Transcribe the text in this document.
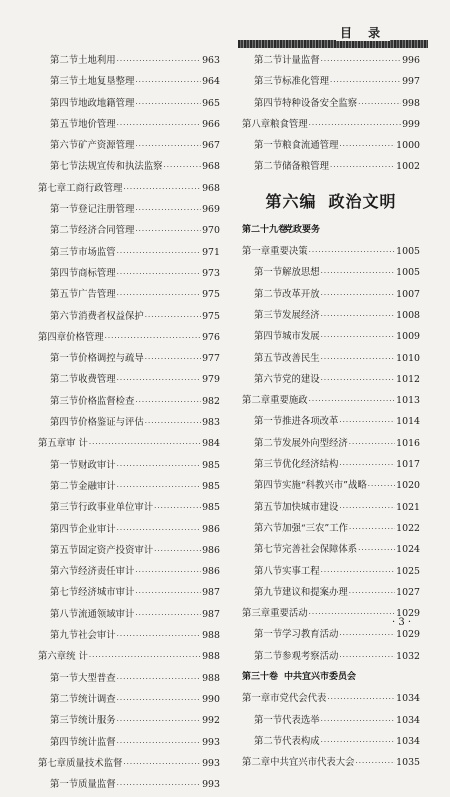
目 录
第二节 土地利用 ·····	963
第三节 土地复垦整理 ·····	964
第四节 地政地籍管理 ·····	965
第五节 地价管理 ·····	966
第六节 矿产资源管理 ·····	967
第七节 法规宣传和执法监察 ·····	968
第七章 工商行政管理 ·····	968
第一节 登记注册管理 ·····	969
第二节 经济合同管理 ·····	970
第三节 市场监管 ·····	971
第四节 商标管理 ·····	973
第五节 广告管理 ·····	975
第六节 消费者权益保护 ·····	975
第四章 价格管理 ·····	976
第一节 价格调控与疏导 ·····	977
第二节 收费管理 ·····	979
第三节 价格监督检查 ·····	982
第四节 价格鉴证与评估 ·····	983
第五章 审 计 ·····	984
第一节 财政审计 ·····	985
第二节 金融审计 ·····	985
第三节 行政事业单位审计 ·····	985
第四节 企业审计 ·····	986
第五节 固定资产投资审计 ·····	986
第六节 经济责任审计 ·····	986
第七节 经济城市审计 ·····	987
第八节 流通领域审计 ·····	987
第九节 社会审计 ·····	988
第六章 统 计 ·····	988
第一节 大型普查 ·····	988
第二节 统计调查 ·····	990
第三节 统计服务 ·····	992
第四节 统计监督 ·····	993
第七章 质量技术监督 ·····	993
第一节 质量监督 ·····	993
第二节 计量监督 ·····	996
第三节 标准化管理 ·····	997
第四节 特种设备安全监察 ·····	998
第八章 粮食管理 ·····	999
第一节 粮食流通管理 ·····	1000
第二节 储备粮管理 ·····	1002
第六编 政治文明
第二十九卷
党政要务
第一章 重要决策 ·····	1005
第一节 解放思想 ·····	1005
第二节 改革开放 ·····	1007
第三节 发展经济 ·····	1008
第四节 城市发展 ·····	1009
第五节 改善民生 ·····	1010
第六节 党的建设 ·····	1012
第二章 重要施政 ·····	1013
第一节 推进各项改革 ·····	1014
第二节 发展外向型经济 ·····	1016
第三节 优化经济结构 ·····	1017
第四节 实施“科教兴市”战略 ·····	1020
第五节 加快城市建设 ·····	1021
第六节 加强“三农”工作 ·····	1022
第七节 完善社会保障体系 ·····	1024
第八节 实事工程 ·····	1025
第九节 建议和提案办理 ·····	1027
第三章 重要活动 ·····	1029
第一节 学习教育活动 ·····	1029
第二节 参观考察活动 ·····	1032
第三十卷 中共宜兴市委员会
第一章 市党代会代表 ·····	1034
第一节 代表选举 ·····	1034
第二节 代表构成 ·····	1034
第二章 中共宜兴市代表大会 ·····	1035
· 3 ·
